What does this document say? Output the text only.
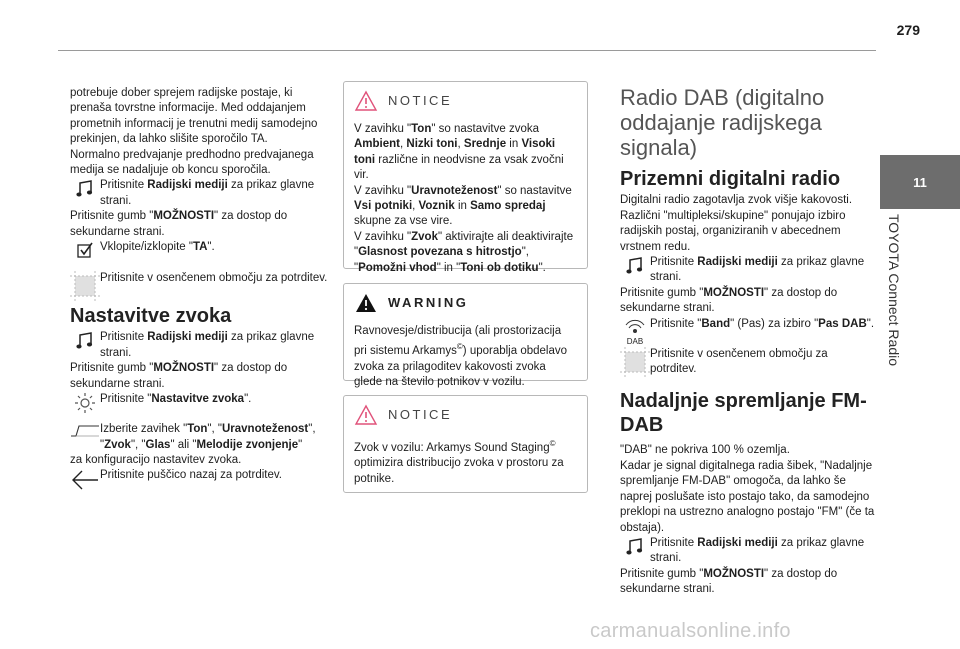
279
11
TOYOTA Connect Radio

potrebuje dober sprejem radijske postaje, ki prenaša tovrstne informacije. Med oddajanjem prometnih informacij je trenutni medij samodejno prekinjen, da lahko slišite sporočilo TA.

Normalno predvajanje predhodno predvajanega medija se nadaljuje ob koncu sporočila.

Pritisnite Radijski mediji za prikaz glavne strani.

Pritisnite gumb "MOŽNOSTI" za dostop do sekundarne strani.

Vklopite/izklopite "TA".
Pritisnite v osenčenem območju za potrditev.
Nastavitve zvoka
Pritisnite Radijski mediji za prikaz glavne strani.

Pritisnite gumb "MOŽNOSTI" za dostop do sekundarne strani.

Pritisnite "Nastavitve zvoka".
Izberite zavihek "Ton", "Uravnoteženost", "Zvok", "Glas" ali "Melodije zvonjenje"

za konfiguracijo nastavitev zvoka.

Pritisnite puščico nazaj za potrditev.
NOTICE

V zavihku "Ton" so nastavitve zvoka Ambient, Nizki toni, Srednje in Visoki toni različne in neodvisne za vsak zvočni vir.

V zavihku "Uravnoteženost" so nastavitve Vsi potniki, Voznik in Samo spredaj skupne za vse vire.

V zavihku "Zvok" aktivirajte ali deaktivirajte "Glasnost povezana s hitrostjo", "Pomožni vhod" in "Toni ob dotiku".

WARNING

Ravnovesje/distribucija (ali prostorizacija pri sistemu Arkamys©) uporablja obdelavo zvoka za prilagoditev kakovosti zvoka glede na število potnikov v vozilu.

NOTICE

Zvok v vozilu: Arkamys Sound Staging© optimizira distribucijo zvoka v prostoru za potnike.

Radio DAB (digitalno oddajanje radijskega signala)
Prizemni digitalni radio

Digitalni radio zagotavlja zvok višje kakovosti. Različni "multipleksi/skupine" ponujajo izbiro radijskih postaj, organiziranih v abecednem vrstnem redu.

Pritisnite Radijski mediji za prikaz glavne strani.

Pritisnite gumb "MOŽNOSTI" za dostop do sekundarne strani.

DAB
Pritisnite "Band" (Pas) za izbiro "Pas DAB".
Pritisnite v osenčenem območju za potrditev.
Nadaljnje spremljanje FM-DAB

"DAB" ne pokriva 100 % ozemlja.

Kadar je signal digitalnega radia šibek, "Nadaljnje spremljanje FM-DAB" omogoča, da lahko še naprej poslušate isto postajo tako, da samodejno preklopi na ustrezno analogno postajo "FM" (če ta obstaja).

Pritisnite Radijski mediji za prikaz glavne strani.

Pritisnite gumb "MOŽNOSTI" za dostop do sekundarne strani.

carmanualsonline.info
